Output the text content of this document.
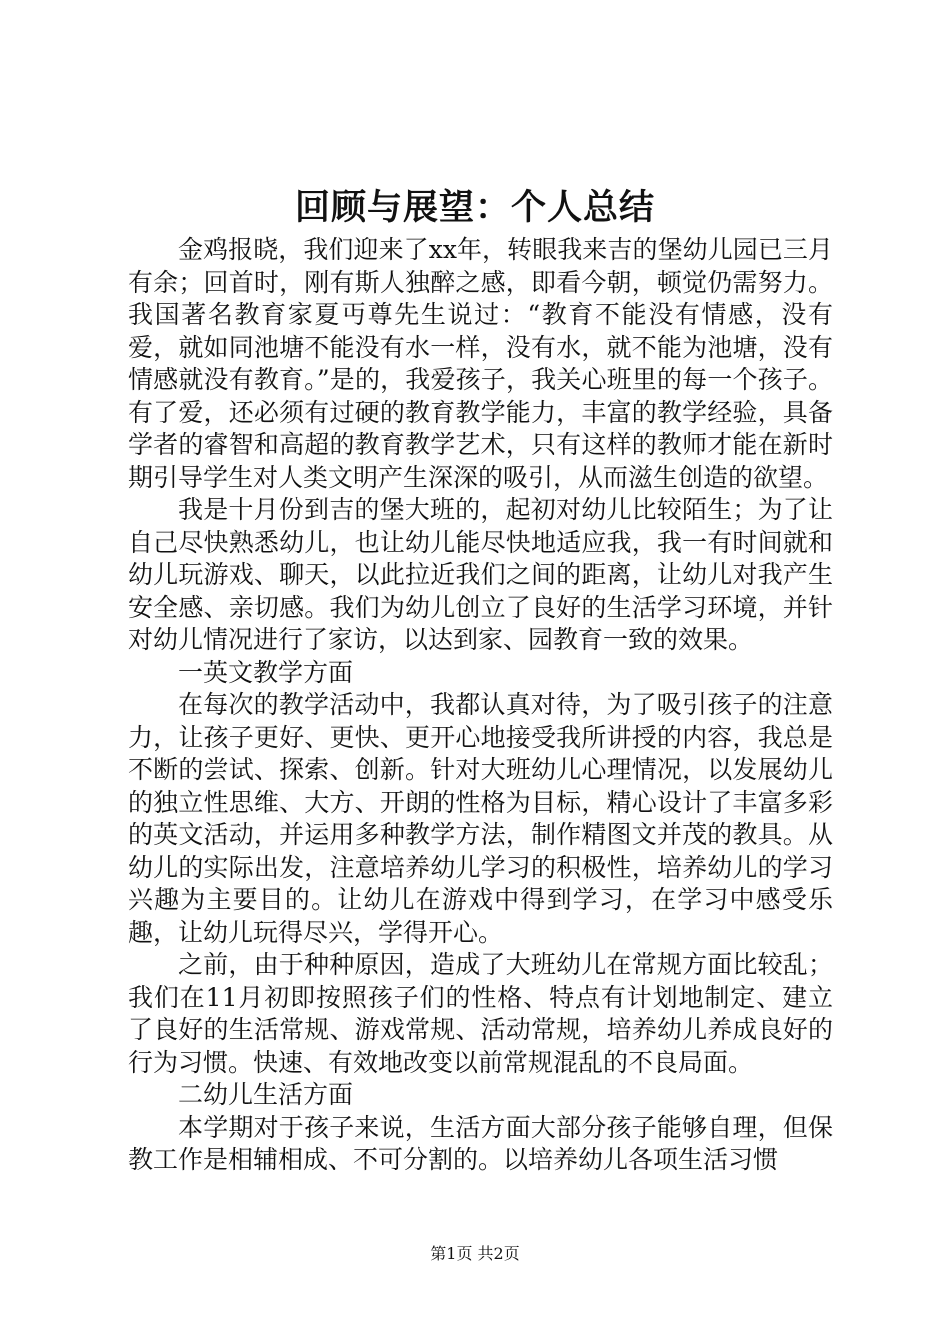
回顾与展望：个人总结

金鸡报晓，我们迎来了xx年，转眼我来吉的堡幼儿园已三月有余；回首时，刚有斯人独醉之感，即看今朝，顿觉仍需努力。我国著名教育家夏丏尊先生说过：“教育不能没有情感，没有爱，就如同池塘不能没有水一样，没有水，就不能为池塘，没有情感就没有教育。”是的，我爱孩子，我关心班里的每一个孩子。有了爱，还必须有过硬的教育教学能力，丰富的教学经验，具备学者的睿智和高超的教育教学艺术，只有这样的教师才能在新时期引导学生对人类文明产生深深的吸引，从而滋生创造的欲望。

我是十月份到吉的堡大班的，起初对幼儿比较陌生；为了让自己尽快熟悉幼儿，也让幼儿能尽快地适应我，我一有时间就和幼儿玩游戏、聊天，以此拉近我们之间的距离，让幼儿对我产生安全感、亲切感。我们为幼儿创立了良好的生活学习环境，并针对幼儿情况进行了家访，以达到家、园教育一致的效果。

一英文教学方面

在每次的教学活动中，我都认真对待，为了吸引孩子的注意力，让孩子更好、更快、更开心地接受我所讲授的内容，我总是不断的尝试、探索、创新。针对大班幼儿心理情况，以发展幼儿的独立性思维、大方、开朗的性格为目标，精心设计了丰富多彩的英文活动，并运用多种教学方法，制作精图文并茂的教具。从幼儿的实际出发，注意培养幼儿学习的积极性，培养幼儿的学习兴趣为主要目的。让幼儿在游戏中得到学习，在学习中感受乐趣，让幼儿玩得尽兴，学得开心。

之前，由于种种原因，造成了大班幼儿在常规方面比较乱；我们在11月初即按照孩子们的性格、特点有计划地制定、建立了良好的生活常规、游戏常规、活动常规，培养幼儿养成良好的行为习惯。快速、有效地改变以前常规混乱的不良局面。

二幼儿生活方面

本学期对于孩子来说，生活方面大部分孩子能够自理，但保教工作是相辅相成、不可分割的。以培养幼儿各项生活习惯

第1页 共2页
